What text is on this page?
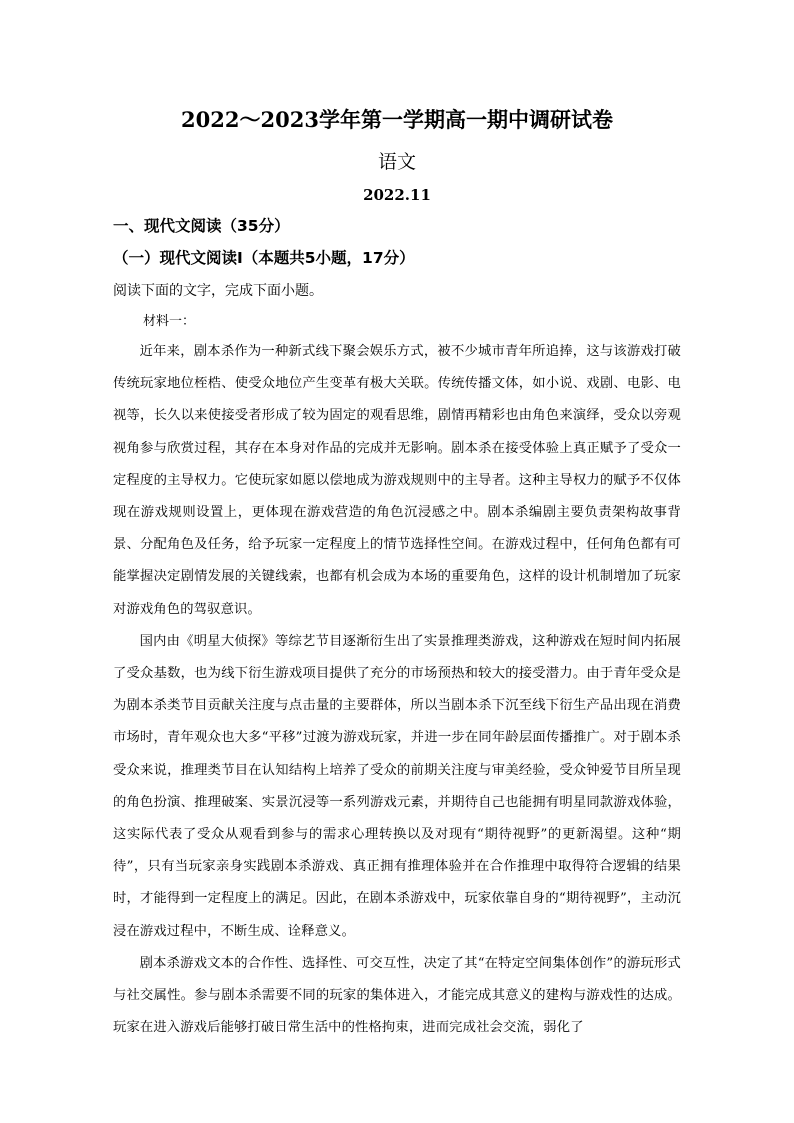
2022～2023学年第一学期高一期中调研试卷
语文
2022.11
一、现代文阅读（35分）
（一）现代文阅读Ⅰ（本题共5小题，17分）
阅读下面的文字，完成下面小题。
材料一：

近年来，剧本杀作为一种新式线下聚会娱乐方式，被不少城市青年所追捧，这与该游戏打破传统玩家地位桎梏、使受众地位产生变革有极大关联。传统传播文体，如小说、戏剧、电影、电视等，长久以来使接受者形成了较为固定的观看思维，剧情再精彩也由角色来演绎，受众以旁观视角参与欣赏过程，其存在本身对作品的完成并无影响。剧本杀在接受体验上真正赋予了受众一定程度的主导权力。它使玩家如愿以偿地成为游戏规则中的主导者。这种主导权力的赋予不仅体现在游戏规则设置上，更体现在游戏营造的角色沉浸感之中。剧本杀编剧主要负责架构故事背景、分配角色及任务，给予玩家一定程度上的情节选择性空间。在游戏过程中，任何角色都有可能掌握决定剧情发展的关键线索，也都有机会成为本场的重要角色，这样的设计机制增加了玩家对游戏角色的驾驭意识。

国内由《明星大侦探》等综艺节目逐渐衍生出了实景推理类游戏，这种游戏在短时间内拓展了受众基数，也为线下衍生游戏项目提供了充分的市场预热和较大的接受潜力。由于青年受众是为剧本杀类节目贡献关注度与点击量的主要群体，所以当剧本杀下沉至线下衍生产品出现在消费市场时，青年观众也大多“平移”过渡为游戏玩家，并进一步在同年龄层面传播推广。对于剧本杀受众来说，推理类节目在认知结构上培养了受众的前期关注度与审美经验，受众钟爱节目所呈现的角色扮演、推理破案、实景沉浸等一系列游戏元素，并期待自己也能拥有明星同款游戏体验，这实际代表了受众从观看到参与的需求心理转换以及对现有“期待视野”的更新渴望。这种“期待”，只有当玩家亲身实践剧本杀游戏、真正拥有推理体验并在合作推理中取得符合逻辑的结果时，才能得到一定程度上的满足。因此，在剧本杀游戏中，玩家依靠自身的“期待视野”，主动沉浸在游戏过程中，不断生成、诠释意义。

剧本杀游戏文本的合作性、选择性、可交互性，决定了其“在特定空间集体创作”的游玩形式与社交属性。参与剧本杀需要不同的玩家的集体进入，才能完成其意义的建构与游戏性的达成。玩家在进入游戏后能够打破日常生活中的性格拘束，进而完成社会交流，弱化了
